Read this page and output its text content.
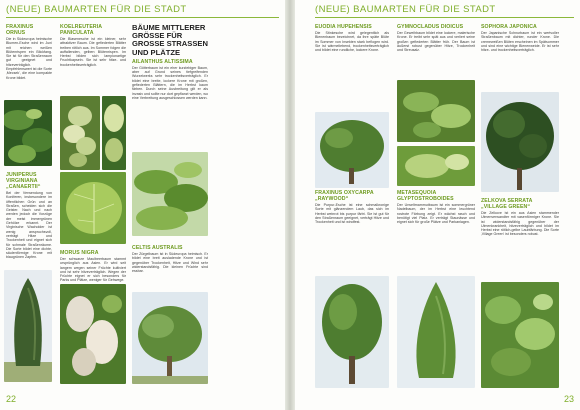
(NEUE) BAUMARTEN FÜR DIE STADT
FRAXINUS ORNUS
Die in Südeuropa heimische Blumen-Esche wird im Juni mit reichen weißen Blütenrispen ein Blickfang. Sie ist für den Straßenraum gut geeignet und hitzeverträglich. Empfehlenswert ist die Sorte ‚Mecsek', die eine kompakte Krone bildet.
JUNIPERUS VIRGINIANA „CANAERTII“
Bei der Verwendung von Koniferen, insbesondere im öffentlichen Grün und an Straßen, scheiden sich die Geister. Nach und nach werden jedoch die Vorzüge der meist immergrünen Gehölze erkannt. Der Virginische Wacholder ist wenig anspruchsvoll, verträgt Hitze und Trockenheit und eignet sich für schmale Straßenräume. Die Sorte bildet eine dichte, säulenförmige Krone mit blaugrünen Zapfen.
KOELREUTERIA PANICULATA
Die Blasenesche ist ein kleiner, sehr attraktiver Baum. Die gefiederten Blätter treiben rötlich aus. Im Sommer folgen die auffallenden, gelben Blütenrispen. Im Herbst bilden sich lampionartige Fruchtkapseln. Sie ist sehr hitze- und trockenheitsverträglich.
MORUS NIGRA
Der schwarze Maulbeerbaum stammt ursprünglich aus Asien. Er wird seit langem wegen seiner Früchte kultiviert und ist sehr hitzeverträglich. Wegen der Früchte eignet er sich besonders für Parks und Plätze, weniger für Gehwege.
BÄUME MITTLERER GRÖSSE FÜR GROSSE STRASSEN UND PLÄTZE
AILANTHUS ALTISSIMA
Der Götterbaum ist ein eher kurzlebiger Baum, aber auf Grund seines tiefgreifenden Wurzelwerks sehr trockenheitsverträglich. Er bildet eine breite, lockere Krone mit großen, gefiederten Blättern, die im Herbst kaum färben. Durch seine Ausbreitung gilt er als invasiv und sollte nur dort gepflanzt werden, wo eine Verbreitung ausgeschlossen werden kann.
CELTIS AUSTRALIS
Der Zürgelbaum ist in Südeuropa heimisch. Er bildet eine breit ausladende Krone und ist gegenüber Trockenheit, Hitze und Wind sehr widerstandsfähig. Die kleinen Früchte sind essbar.
22
(NEUE) BAUMARTEN FÜR DIE STADT
EUODIA HUPEHENSIS
Die Stinkesche wird gelegentlich als Bienenbaum bezeichnet, da ihre späte Blüte im Sommer von Insekten stark beflogen wird. Sie ist wärmeliebend, trockenheitsverträglich und bildet eine rundliche, lockere Krone.
FRAXINUS OXYCARPA „RAYWOOD“
Die Purpur-Esche ist eine schmalkronige Sorte mit glänzendem Laub, das sich im Herbst weinrot bis purpur färbt. Sie ist gut für den Straßenraum geeignet, verträgt Hitze und Trockenheit und ist windfest.
GYMNOCLADUS DIOICUS
Der Geweihbaum bildet eine lockere, malerische Krone. Er treibt sehr spät aus und verliert seine großen gefiederten Blätter früh. Der Baum ist äußerst robust gegenüber Hitze, Trockenheit und Streusalz.
METASEQUOIA GLYPTOSTROBOIDES
Der Urweltmammutbaum ist ein sommergrüner Nadelbaum, der im Herbst eine leuchtend rostrote Färbung zeigt. Er wächst rasch und benötigt viel Platz. Er verträgt Staunässe und eignet sich für große Plätze und Parkanlagen.
SOPHORA JAPONICA
Der Japanische Schnurbaum ist ein wertvoller Straßenbaum mit dichter, runder Krone. Die cremeweißen Blüten erscheinen im Spätsommer und sind eine wichtige Bienenweide. Er ist sehr hitze- und trockenheitsverträglich.
ZELKOVA SERRATA „VILLAGE GREEN“
Die Zelkove ist ein aus Asien stammender Ulmenverwandter mit vasenförmiger Krone. Sie ist widerstandsfähig gegenüber der Ulmenkrankheit, hitzeverträglich und bildet im Herbst eine rötlich-gelbe Laubfärbung. Die Sorte ‚Village Green' ist besonders robust.
23
